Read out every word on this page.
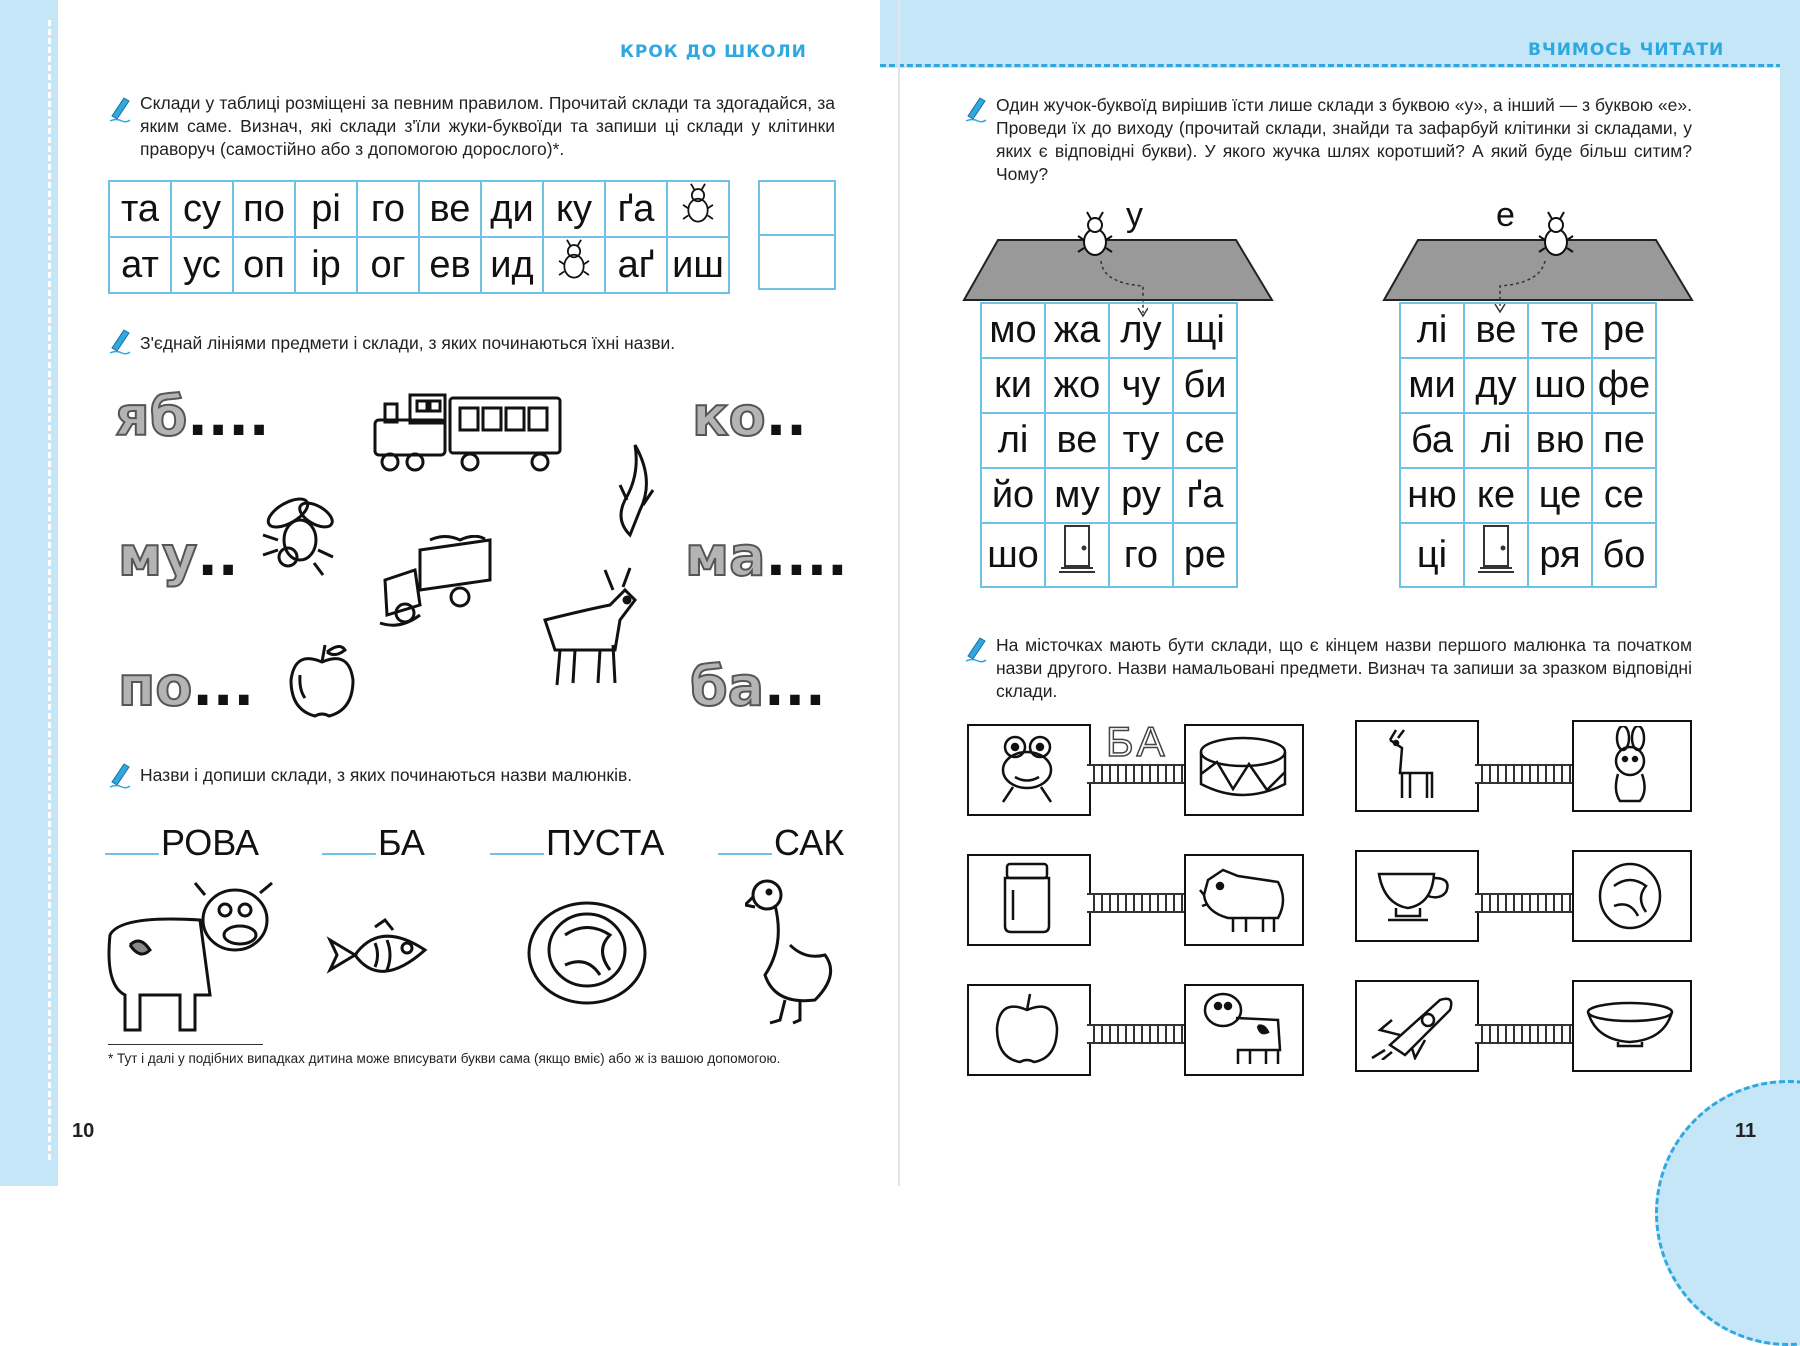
КРОК ДО ШКОЛИ	ВЧИМОСЬ ЧИТАТИ
Склади у таблиці розміщені за певним правилом. Прочитай склади та здогадайся, за яким саме. Визнач, які склади з'їли жуки-буквоїди та запиши ці склади у клітинки праворуч (самостійно або з допомогою дорослого)*.
та	су	по	рі	го	ве	ди	ку	ґа	
ат	ус	оп	ір	ог	ев	ид		аґ	иш

З'єднай лініями предмети і склади, з яких починаються їхні назви.
яб....
му..
по...
ко..
ма....
ба...
Назви і допиши склади, з яких починаються назви малюнків.
РОВА	БА	ПУСТА	САК
* Тут і далі у подібних випадках дитина може вписувати букви сама (якщо вміє) або ж із вашою допомогою.
10
Один жучок-буквоїд вирішив їсти лише склади з буквою «у», а інший — з буквою «е». Проведи їх до виходу (прочитай склади, знайди та зафарбуй клітинки зі складами, у яких є відповідні букви). У якого жучка шлях коротший? А який буде більш ситим? Чому?
у
мо	жа	лу	щі
ки	жо	чу	би
лі	ве	ту	се
йо	му	ру	ґа
шо		го	ре
е
лі	ве	те	ре
ми	ду	шо	фе
ба	лі	вю	пе
ню	ке	це	се
ці		ря	бо
На місточках мають бути склади, що є кінцем назви першого малюнка та початком назви другого. Назви намальовані предмети. Визнач та запиши за зразком відповідні склади.
БА
11
